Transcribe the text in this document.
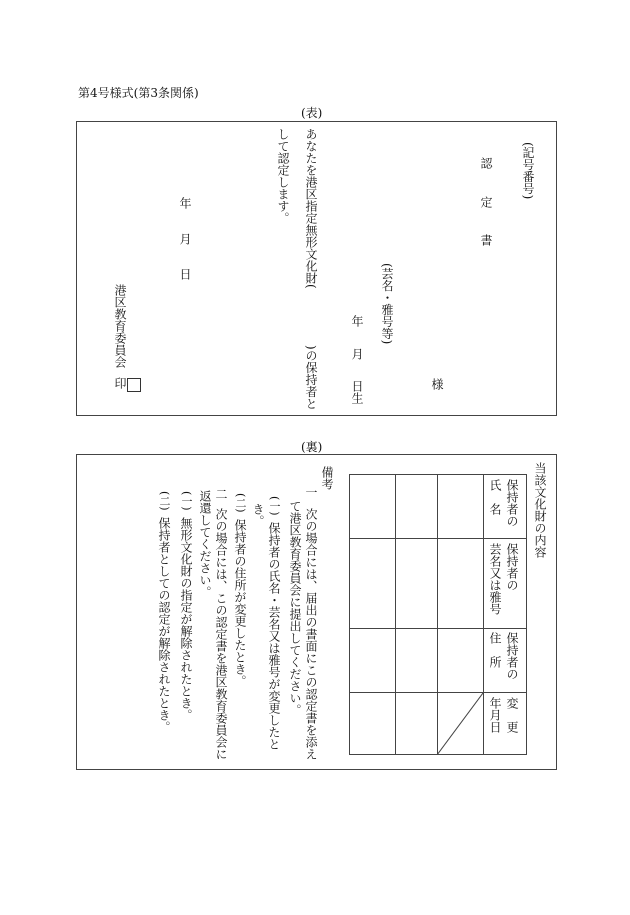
第4号様式(第3条関係)
(表)
(記号番号)
認

定
書
(芸名・雅号等)
様
年
月
日生
あなたを港区指定無形文化財(
)の保持者と
して認定します。
年
月
日
港区教育委員会
印
(裏)
当該文化財の内容
保持者の
氏　名
保持者の
芸名又は雅号
保持者の
住　所
変　更
年月日
備考
一
次の場合には、届出の書面にこの認定書を添え
て港区教育委員会に提出してください。
(一)
保持者の氏名・芸名又は雅号が変更したと
き。
(二)
保持者の住所が変更したとき。
二
次の場合には、この認定書を港区教育委員会に
返還してください。
(一)
無形文化財の指定が解除されたとき。
(二)
保持者としての認定が解除されたとき。
